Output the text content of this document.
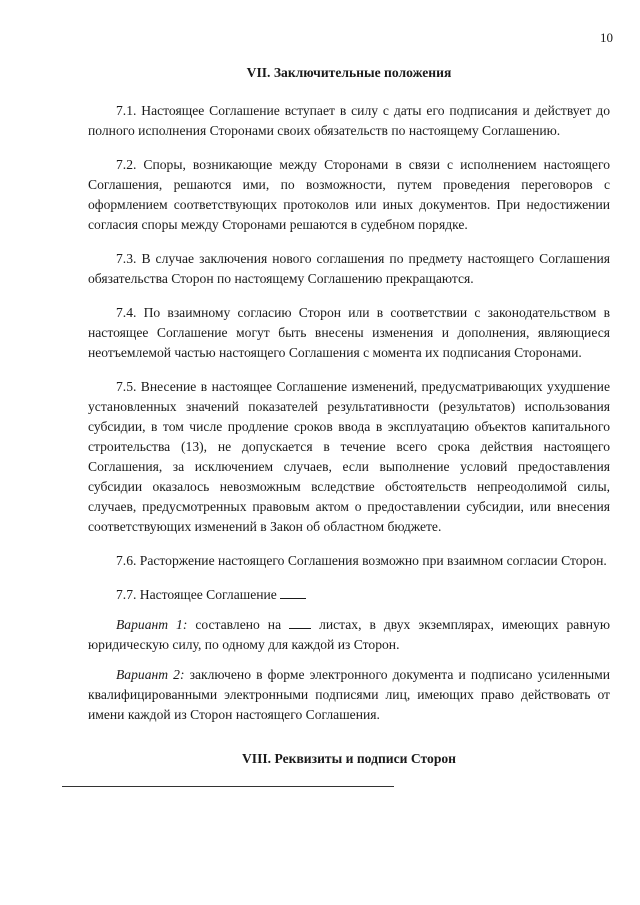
10
VII. Заключительные положения

7.1. Настоящее Соглашение вступает в силу с даты его подписания и действует до полного исполнения Сторонами своих обязательств по настоящему Соглашению.

7.2. Споры, возникающие между Сторонами в связи с исполнением настоящего Соглашения, решаются ими, по возможности, путем проведения переговоров с оформлением соответствующих протоколов или иных документов. При недостижении согласия споры между Сторонами решаются в судебном порядке.

7.3. В случае заключения нового соглашения по предмету настоящего Соглашения обязательства Сторон по настоящему Соглашению прекращаются.

7.4. По взаимному согласию Сторон или в соответствии с законодательством в настоящее Соглашение могут быть внесены изменения и дополнения, являющиеся неотъемлемой частью настоящего Соглашения с момента их подписания Сторонами.

7.5. Внесение в настоящее Соглашение изменений, предусматривающих ухудшение установленных значений показателей результативности (результатов) использования субсидии, в том числе продление сроков ввода в эксплуатацию объектов капитального строительства (13), не допускается в течение всего срока действия настоящего Соглашения, за исключением случаев, если выполнение условий предоставления субсидии оказалось невозможным вследствие обстоятельств непреодолимой силы, случаев, предусмотренных правовым актом о предоставлении субсидии, или внесения соответствующих изменений в Закон об областном бюджете.

7.6. Расторжение настоящего Соглашения возможно при взаимном согласии Сторон.

7.7. Настоящее Соглашение

Вариант 1: составлено на  листах, в двух экземплярах, имеющих равную юридическую силу, по одному для каждой из Сторон.

Вариант 2: заключено в форме электронного документа и подписано усиленными квалифицированными электронными подписями лиц, имеющих право действовать от имени каждой из Сторон настоящего Соглашения.

VIII. Реквизиты и подписи Сторон
